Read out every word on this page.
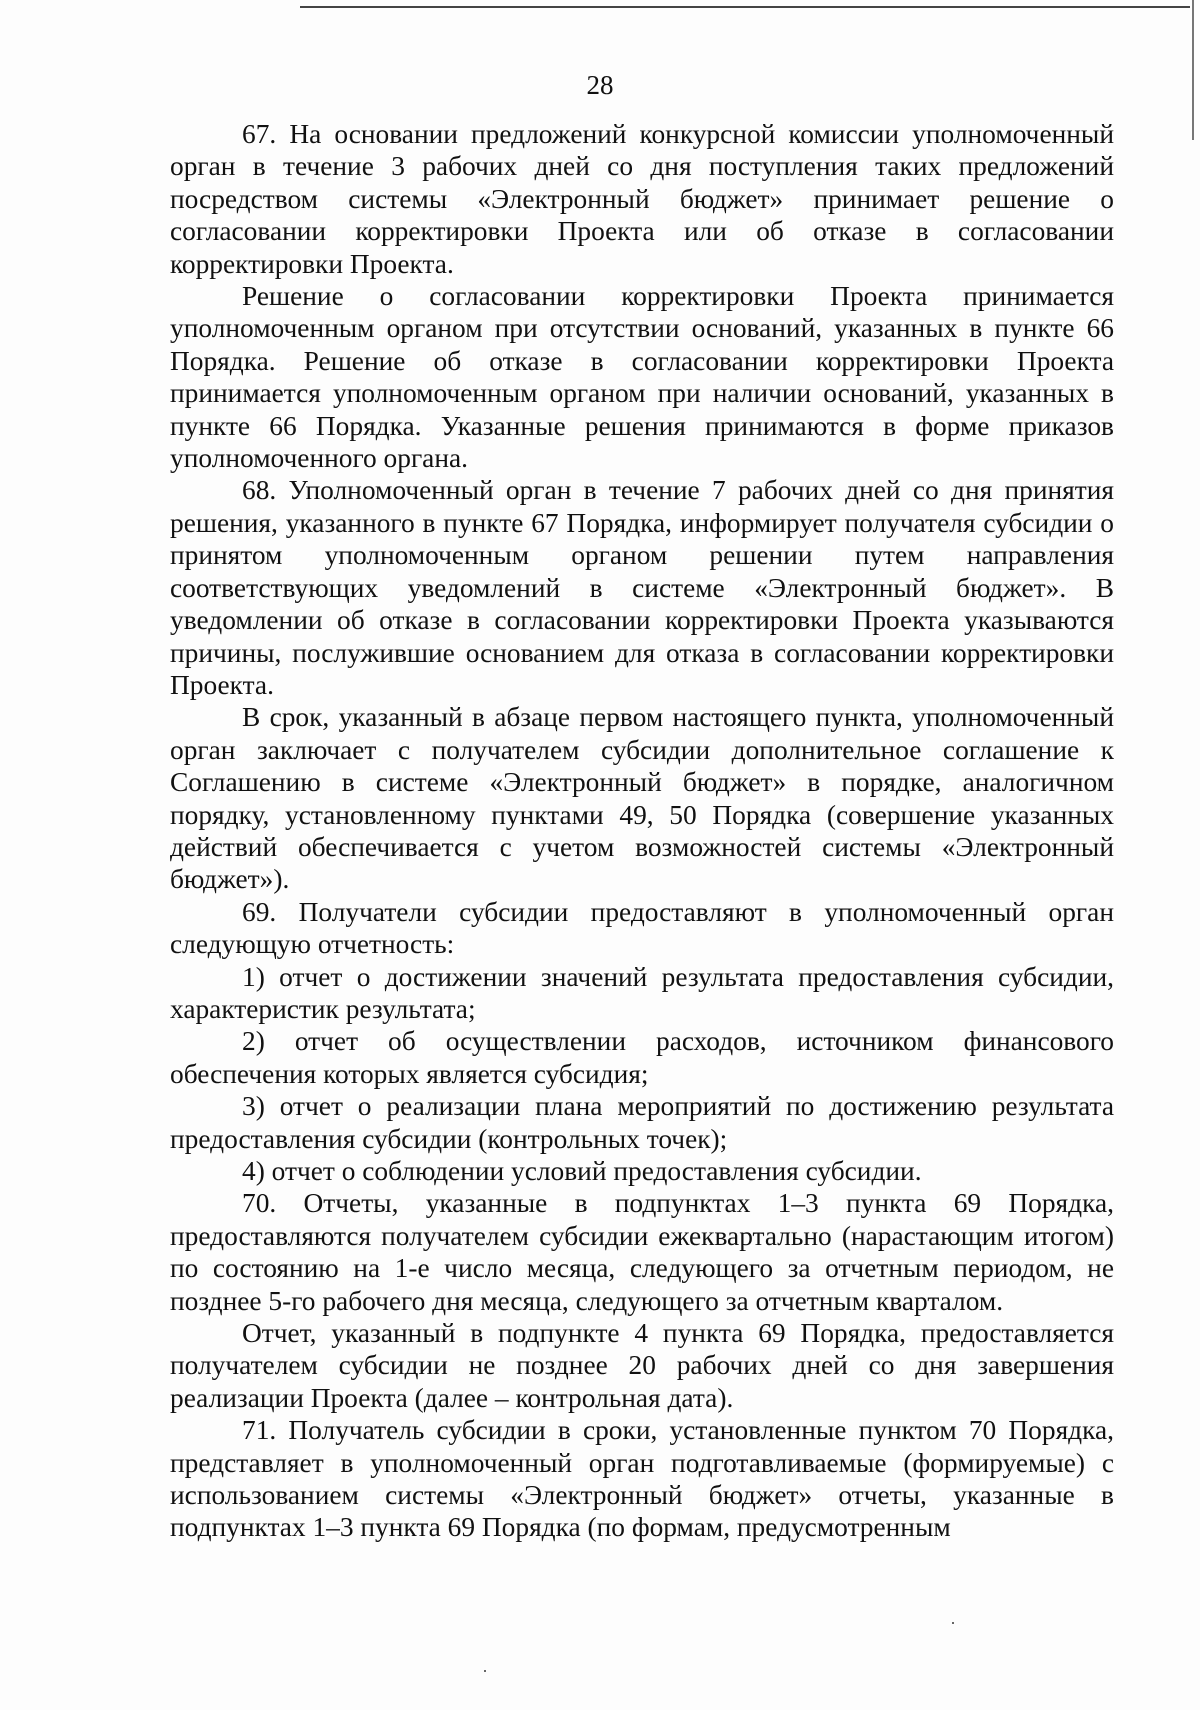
28

67. На основании предложений конкурсной комиссии уполномоченный орган в течение 3 рабочих дней со дня поступления таких предложений посредством системы «Электронный бюджет» принимает решение о согласовании корректировки Проекта или об отказе в согласовании корректировки Проекта.

Решение о согласовании корректировки Проекта принимается уполномоченным органом при отсутствии оснований, указанных в пункте 66 Порядка. Решение об отказе в согласовании корректировки Проекта принимается уполномоченным органом при наличии оснований, указанных в пункте 66 Порядка. Указанные решения принимаются в форме приказов уполномоченного органа.

68. Уполномоченный орган в течение 7 рабочих дней со дня принятия решения, указанного в пункте 67 Порядка, информирует получателя субсидии о принятом уполномоченным органом решении путем направления соответствующих уведомлений в системе «Электронный бюджет». В уведомлении об отказе в согласовании корректировки Проекта указываются причины, послужившие основанием для отказа в согласовании корректировки Проекта.

В срок, указанный в абзаце первом настоящего пункта, уполномоченный орган заключает с получателем субсидии дополнительное соглашение к Соглашению в системе «Электронный бюджет» в порядке, аналогичном порядку, установленному пунктами 49, 50 Порядка (совершение указанных действий обеспечивается с учетом возможностей системы «Электронный бюджет»).

69. Получатели субсидии предоставляют в уполномоченный орган следующую отчетность:

1) отчет о достижении значений результата предоставления субсидии, характеристик результата;

2) отчет об осуществлении расходов, источником финансового обеспечения которых является субсидия;

3) отчет о реализации плана мероприятий по достижению результата предоставления субсидии (контрольных точек);

4) отчет о соблюдении условий предоставления субсидии.

70. Отчеты, указанные в подпунктах 1–3 пункта 69 Порядка, предоставляются получателем субсидии ежеквартально (нарастающим итогом) по состоянию на 1-е число месяца, следующего за отчетным периодом, не позднее 5-го рабочего дня месяца, следующего за отчетным кварталом.

Отчет, указанный в подпункте 4 пункта 69 Порядка, предоставляется получателем субсидии не позднее 20 рабочих дней со дня завершения реализации Проекта (далее – контрольная дата).

71. Получатель субсидии в сроки, установленные пунктом 70 Порядка, представляет в уполномоченный орган подготавливаемые (формируемые) с использованием системы «Электронный бюджет» отчеты, указанные в подпунктах 1–3 пункта 69 Порядка (по формам, предусмотренным
